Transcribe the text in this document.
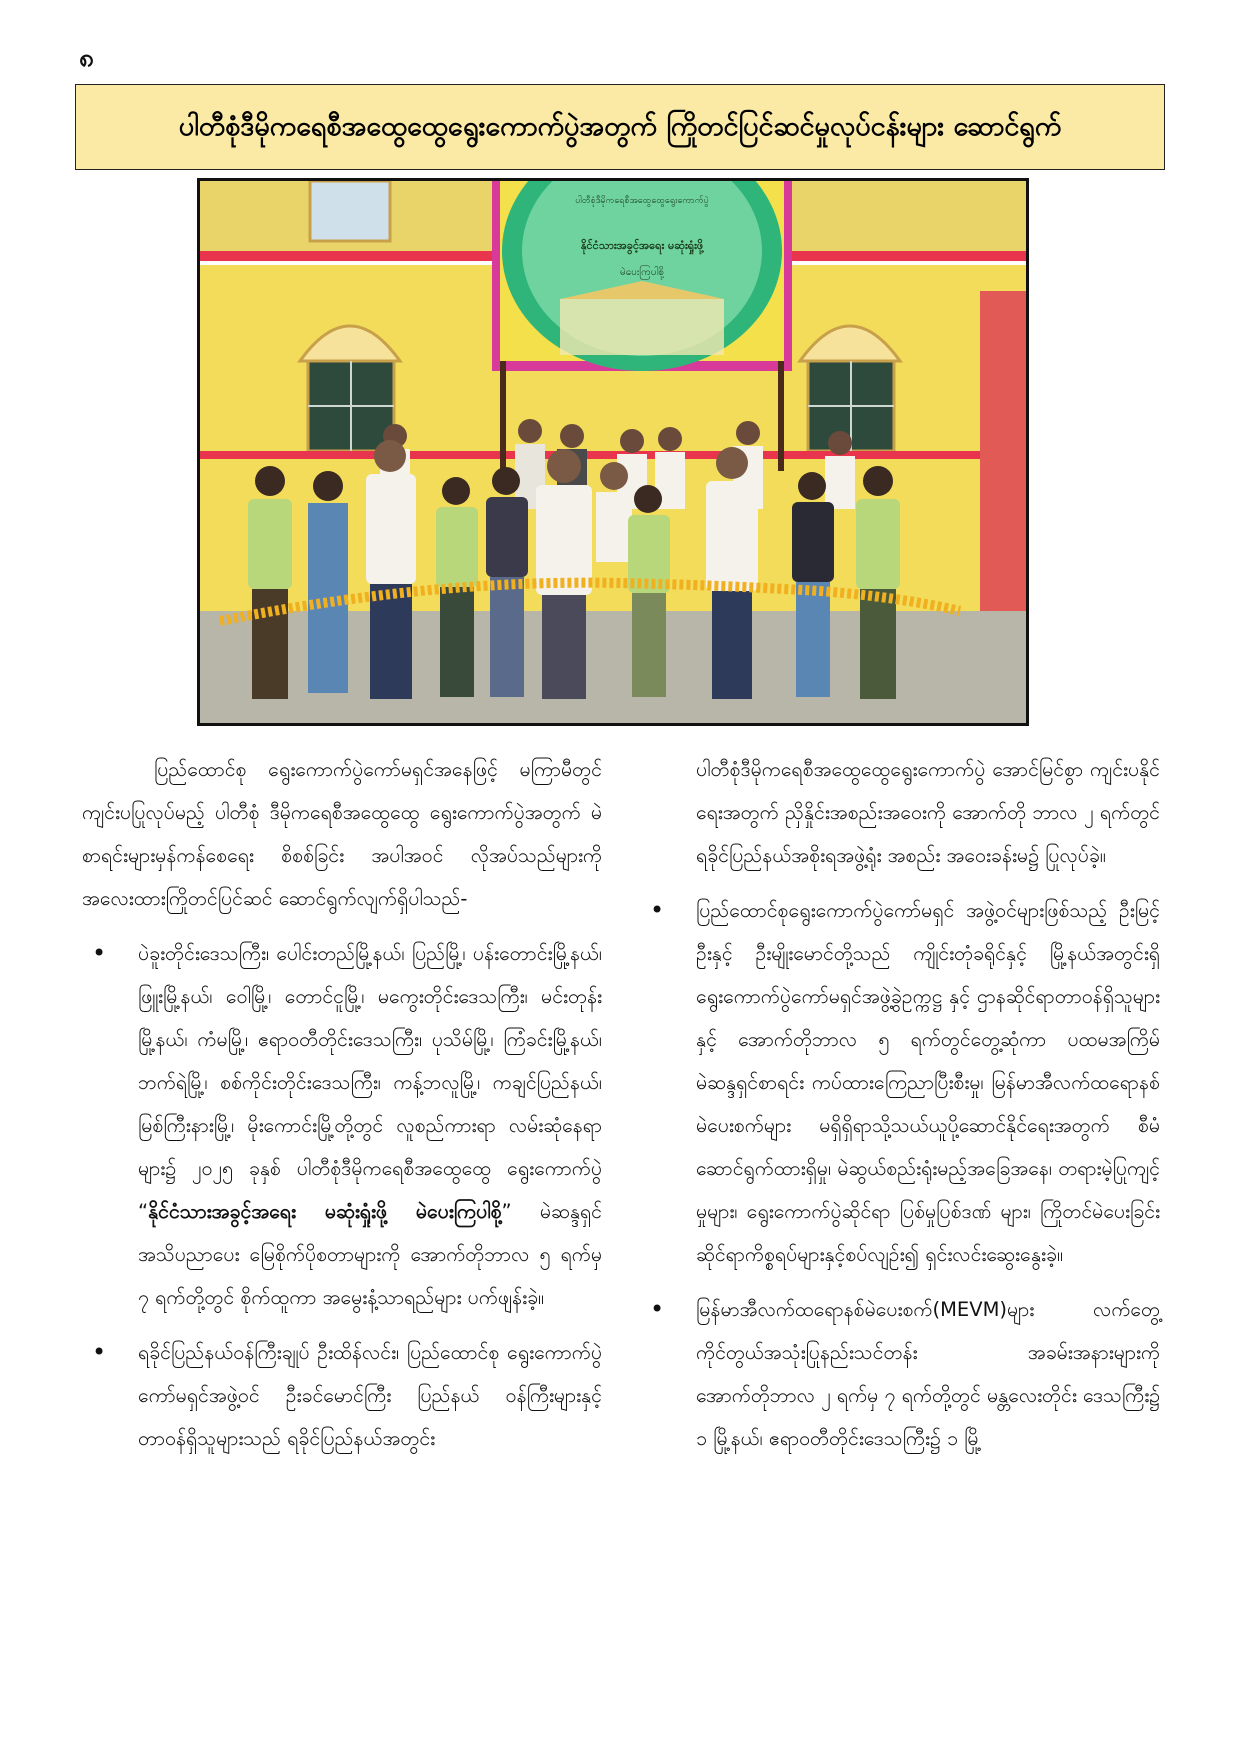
၈
ပါတီစုံဒီမိုကရေစီအထွေထွေရွေးကောက်ပွဲအတွက် ကြိုတင်ပြင်ဆင်မှုလုပ်ငန်းများ ဆောင်ရွက်
ပါတီစုံဒီမိုကရေစီအထွေထွေရွေးကောက်ပွဲ
နိုင်ငံသားအခွင့်အရေး မဆုံးရှုံးဖို့
မဲပေးကြပါစို့

ပြည်ထောင်စု ရွေးကောက်ပွဲကော်မရှင်အနေဖြင့် မကြာမီတွင် ကျင်းပပြုလုပ်မည့် ပါတီစုံ ဒီမိုကရေစီအထွေထွေ ရွေးကောက်ပွဲအတွက် မဲစာရင်းများမှန်ကန်စေရေး စိစစ်ခြင်း အပါအဝင် လိုအပ်သည်များကို အလေးထားကြိုတင်ပြင်ဆင် ဆောင်ရွက်လျက်ရှိပါသည်-

• ပဲခူးတိုင်းဒေသကြီး၊ ပေါင်းတည်မြို့နယ်၊ ပြည်မြို့၊ ပန်းတောင်းမြို့နယ်၊ ဖြူးမြို့နယ်၊ ဝေါမြို့၊ တောင်ငူမြို့၊ မကွေးတိုင်းဒေသကြီး၊ မင်းတုန်းမြို့နယ်၊ ကံမမြို့၊ ဧရာဝတီတိုင်းဒေသကြီး၊ ပုသိမ်မြို့၊ ကြံခင်းမြို့နယ်၊ ဘက်ရဲမြို့၊ စစ်ကိုင်းတိုင်းဒေသကြီး၊ ကန့်ဘလူမြို့၊ ကချင်ပြည်နယ်၊ မြစ်ကြီးနားမြို့၊ မိုးကောင်းမြို့တို့တွင် လူစည်ကားရာ လမ်းဆုံနေရာများ၌ ၂၀၂၅ ခုနှစ် ပါတီစုံဒီမိုကရေစီအထွေထွေ ရွေးကောက်ပွဲ “နိုင်ငံသားအခွင့်အရေး မဆုံးရှုံးဖို့ မဲပေးကြပါစို့” မဲဆန္ဒရှင်အသိပညာပေး မြေစိုက်ပိုစတာများကို အောက်တိုဘာလ ၅ ရက်မှ ၇ ရက်တို့တွင် စိုက်ထူကာ အမွေးနံ့သာရည်များ ပက်ဖျန်းခဲ့။
• ရခိုင်ပြည်နယ်ဝန်ကြီးချုပ် ဦးထိန်လင်း၊ ပြည်ထောင်စု ရွေးကောက်ပွဲကော်မရှင်အဖွဲ့ဝင် ဦးခင်မောင်ကြီး ပြည်နယ် ဝန်ကြီးများနှင့် တာဝန်ရှိသူများသည် ရခိုင်ပြည်နယ်အတွင်း

ပါတီစုံဒီမိုကရေစီအထွေထွေရွေးကောက်ပွဲ အောင်မြင်စွာ ကျင်းပနိုင်ရေးအတွက် ညှိနှိုင်းအစည်းအဝေးကို အောက်တို ဘာလ ၂ ရက်တွင် ရခိုင်ပြည်နယ်အစိုးရအဖွဲ့ရုံး အစည်း အဝေးခန်းမ၌ ပြုလုပ်ခဲ့။

• ပြည်ထောင်စုရွေးကောက်ပွဲကော်မရှင် အဖွဲ့ဝင်များဖြစ်သည့် ဦးမြင့်ဦးနှင့် ဦးမျိုးမောင်တို့သည် ကျိုင်းတုံခရိုင်နှင့် မြို့နယ်အတွင်းရှိ ရွေးကောက်ပွဲကော်မရှင်အဖွဲ့ခွဲဥက္ကဋ္ဌ နှင့် ဌာနဆိုင်ရာတာဝန်ရှိသူများနှင့် အောက်တိုဘာလ ၅ ရက်တွင်တွေ့ဆုံကာ ပထမအကြိမ် မဲဆန္ဒရှင်စာရင်း ကပ်ထားကြေညာပြီးစီးမှု၊ မြန်မာအီလက်ထရောနစ် မဲပေးစက်များ မရှိရှိရာသို့သယ်ယူပို့ဆောင်နိုင်ရေးအတွက် စီမံဆောင်ရွက်ထားရှိမှု၊ မဲဆွယ်စည်းရုံးမည့်အခြေအနေ၊ တရားမဲ့ပြုကျင့်မှုများ၊ ရွေးကောက်ပွဲဆိုင်ရာ ပြစ်မှုပြစ်ဒဏ် များ၊ ကြိုတင်မဲပေးခြင်းဆိုင်ရာကိစ္စရပ်များနှင့်စပ်လျဉ်း၍ ရှင်းလင်းဆွေးနွေးခဲ့။
• မြန်မာအီလက်ထရောနစ်မဲပေးစက်(MEVM)များ လက်တွေ့ ကိုင်တွယ်အသုံးပြုနည်းသင်တန်း အခမ်းအနားများကို အောက်တိုဘာလ ၂ ရက်မှ ၇ ရက်တို့တွင် မန္တလေးတိုင်း ဒေသကြီး၌ ၁ မြို့နယ်၊ ဧရာဝတီတိုင်းဒေသကြီး၌ ၁ မြို့
